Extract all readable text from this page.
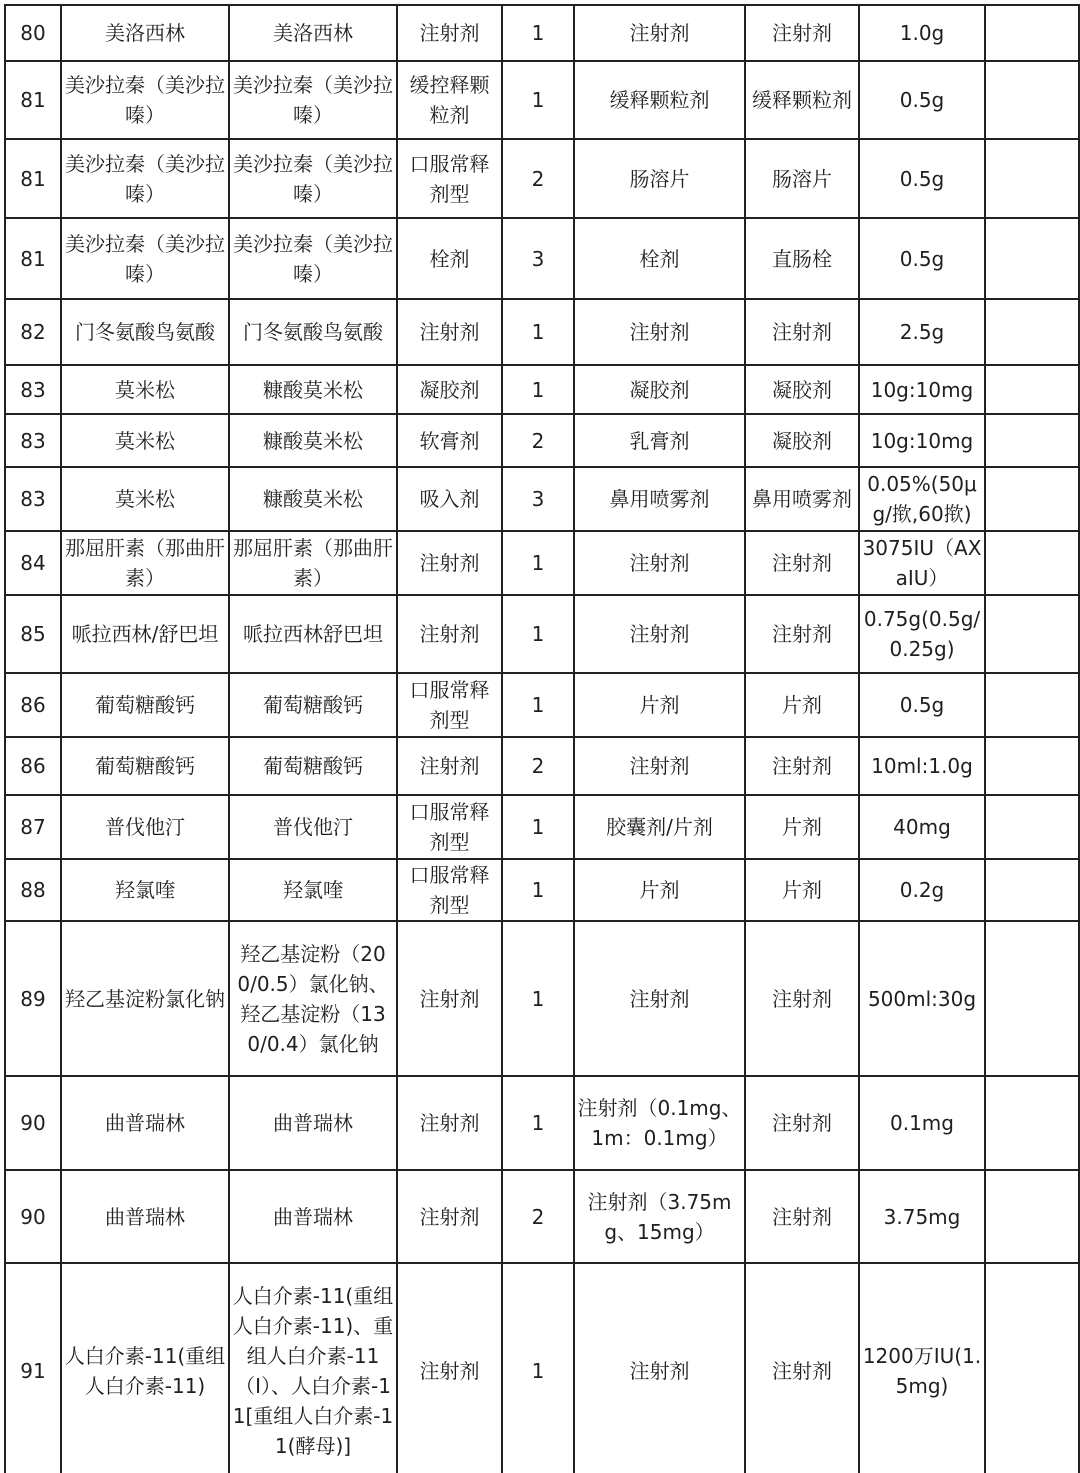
80	美洛西林	美洛西林	注射剂	1	注射剂	注射剂	1.0g	
81	美沙拉秦（美沙拉嗪）	美沙拉秦（美沙拉嗪）	缓控释颗粒剂	1	缓释颗粒剂	缓释颗粒剂	0.5g	
81	美沙拉秦（美沙拉嗪）	美沙拉秦（美沙拉嗪）	口服常释剂型	2	肠溶片	肠溶片	0.5g	
81	美沙拉秦（美沙拉嗪）	美沙拉秦（美沙拉嗪）	栓剂	3	栓剂	直肠栓	0.5g	
82	门冬氨酸鸟氨酸	门冬氨酸鸟氨酸	注射剂	1	注射剂	注射剂	2.5g	
83	莫米松	糠酸莫米松	凝胶剂	1	凝胶剂	凝胶剂	10g:10mg	
83	莫米松	糠酸莫米松	软膏剂	2	乳膏剂	凝胶剂	10g:10mg	
83	莫米松	糠酸莫米松	吸入剂	3	鼻用喷雾剂	鼻用喷雾剂	0.05%(50μg/揿,60揿)	
84	那屈肝素（那曲肝素）	那屈肝素（那曲肝素）	注射剂	1	注射剂	注射剂	3075IU（AXaIU）	
85	哌拉西林/舒巴坦	哌拉西林舒巴坦	注射剂	1	注射剂	注射剂	0.75g(0.5g/0.25g)	
86	葡萄糖酸钙	葡萄糖酸钙	口服常释剂型	1	片剂	片剂	0.5g	
86	葡萄糖酸钙	葡萄糖酸钙	注射剂	2	注射剂	注射剂	10ml:1.0g	
87	普伐他汀	普伐他汀	口服常释剂型	1	胶囊剂/片剂	片剂	40mg	
88	羟氯喹	羟氯喹	口服常释剂型	1	片剂	片剂	0.2g	
89	羟乙基淀粉氯化钠	羟乙基淀粉（200/0.5）氯化钠、羟乙基淀粉（130/0.4）氯化钠	注射剂	1	注射剂	注射剂	500ml:30g	
90	曲普瑞林	曲普瑞林	注射剂	1	注射剂（0.1mg、1m：0.1mg）	注射剂	0.1mg	
90	曲普瑞林	曲普瑞林	注射剂	2	注射剂（3.75mg、15mg）	注射剂	3.75mg	
91	人白介素-11(重组人白介素-11)	人白介素-11(重组人白介素-11)、重组人白介素-11（I）、人白介素-11[重组人白介素-11(酵母)]	注射剂	1	注射剂	注射剂	1200万IU(1.5mg)	
